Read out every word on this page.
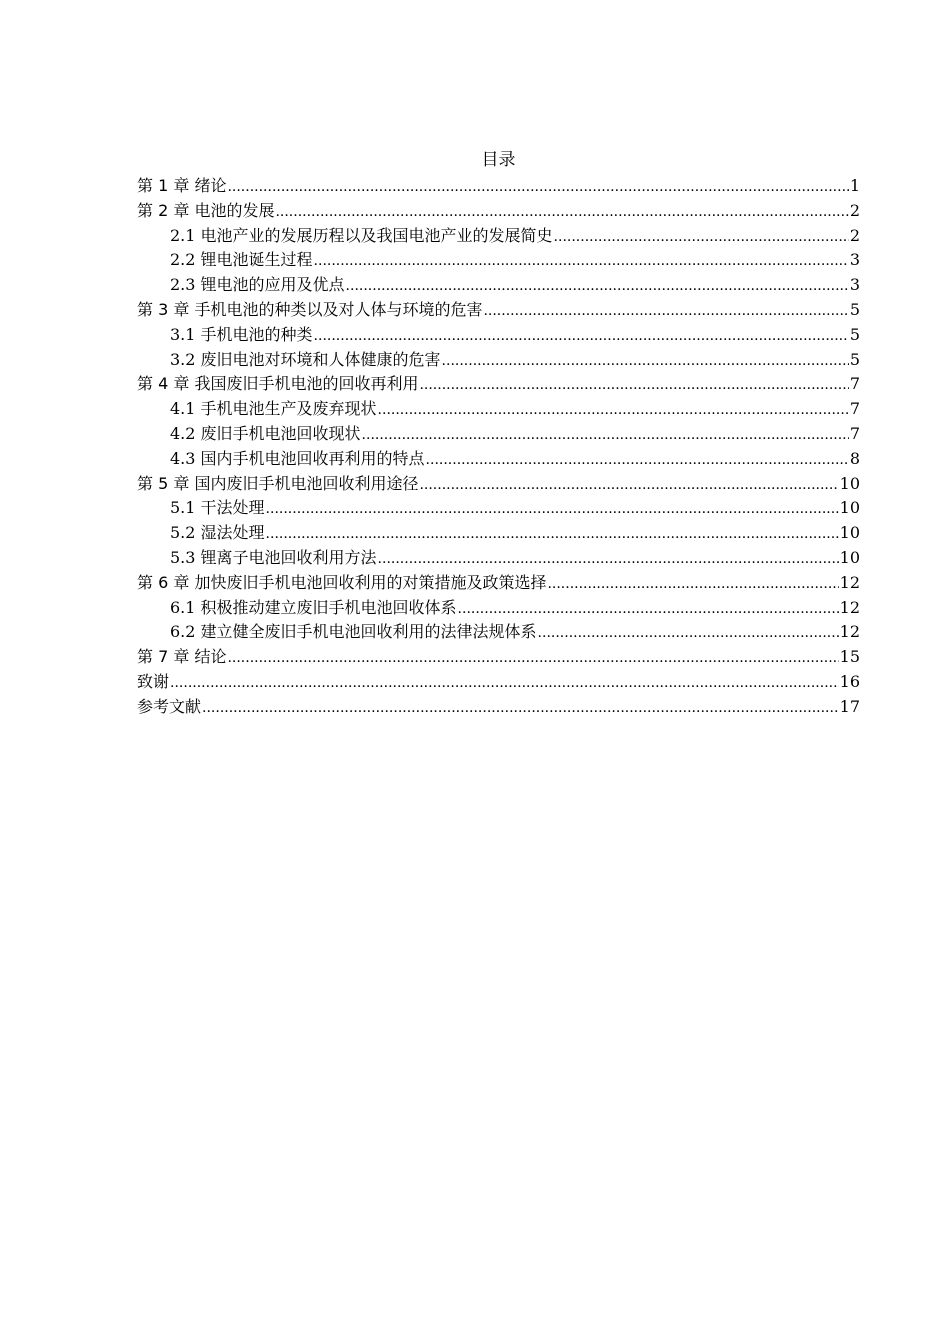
目录
第 1 章 绪论 .....	1
第 2 章 电池的发展 .....	2
2.1 电池产业的发展历程以及我国电池产业的发展简史 .....	2
2.2 锂电池诞生过程 .....	3
2.3 锂电池的应用及优点 .....	3
第 3 章 手机电池的种类以及对人体与环境的危害 .....	5
3.1 手机电池的种类 .....	5
3.2 废旧电池对环境和人体健康的危害 .....	5
第 4 章 我国废旧手机电池的回收再利用 .....	7
4.1 手机电池生产及废弃现状 .....	7
4.2 废旧手机电池回收现状 .....	7
4.3 国内手机电池回收再利用的特点 .....	8
第 5 章 国内废旧手机电池回收利用途径 .....	10
5.1 干法处理 .....	10
5.2 湿法处理 .....	10
5.3 锂离子电池回收利用方法 .....	10
第 6 章 加快废旧手机电池回收利用的对策措施及政策选择 .....	12
6.1 积极推动建立废旧手机电池回收体系 .....	12
6.2 建立健全废旧手机电池回收利用的法律法规体系 .....	12
第 7 章 结论 .....	15
致谢 .....	16
参考文献 .....	17
